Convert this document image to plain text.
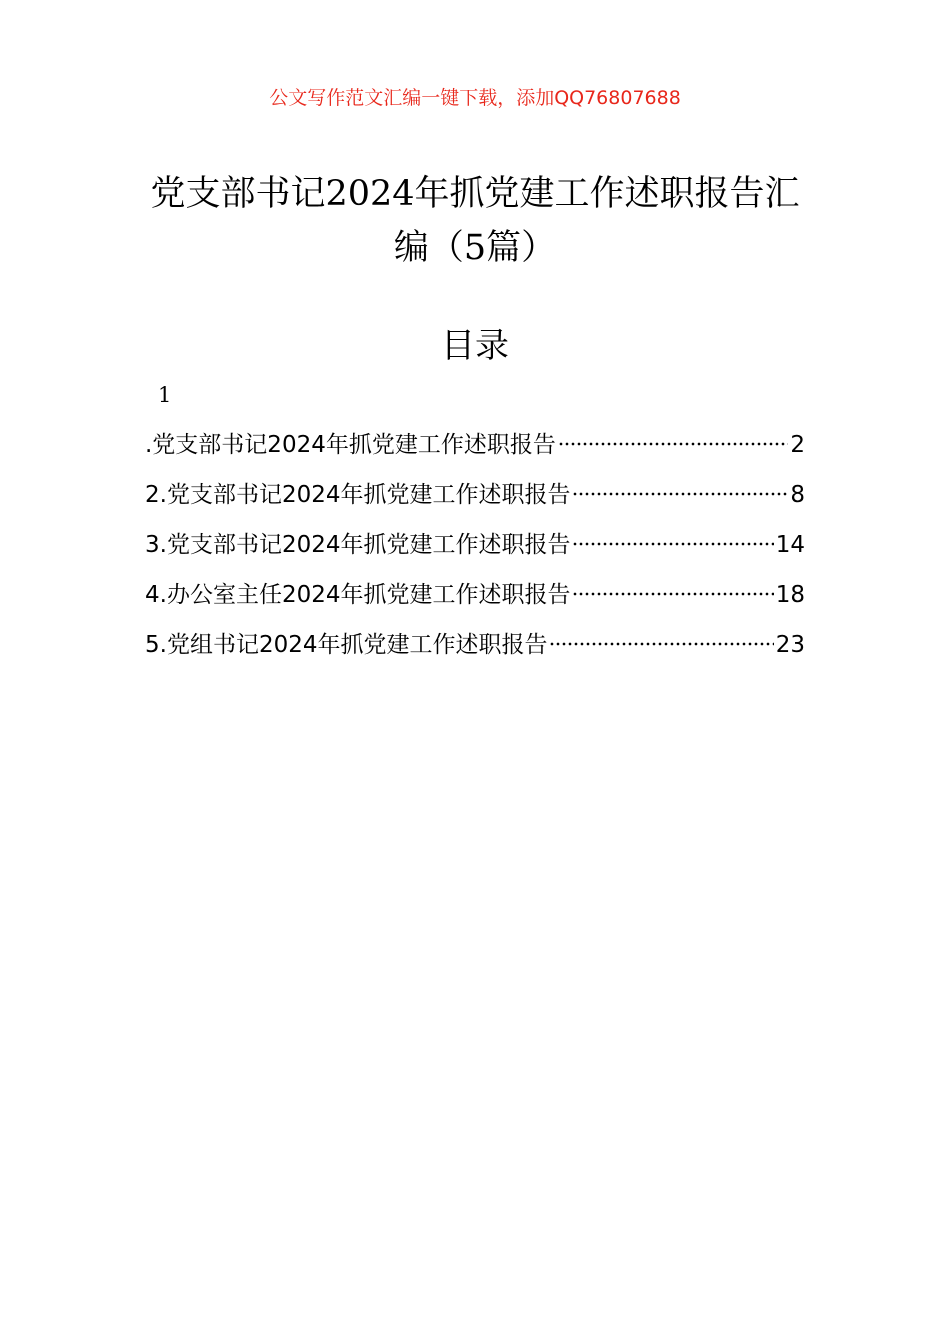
公文写作范文汇编一键下载，添加QQ76807688
党支部书记2024年抓党建工作述职报告汇编（5篇）
目录
1
.党支部书记2024年抓党建工作述职报告	2
2.党支部书记2024年抓党建工作述职报告	8
3.党支部书记2024年抓党建工作述职报告	14
4.办公室主任2024年抓党建工作述职报告	18
5.党组书记2024年抓党建工作述职报告	23
